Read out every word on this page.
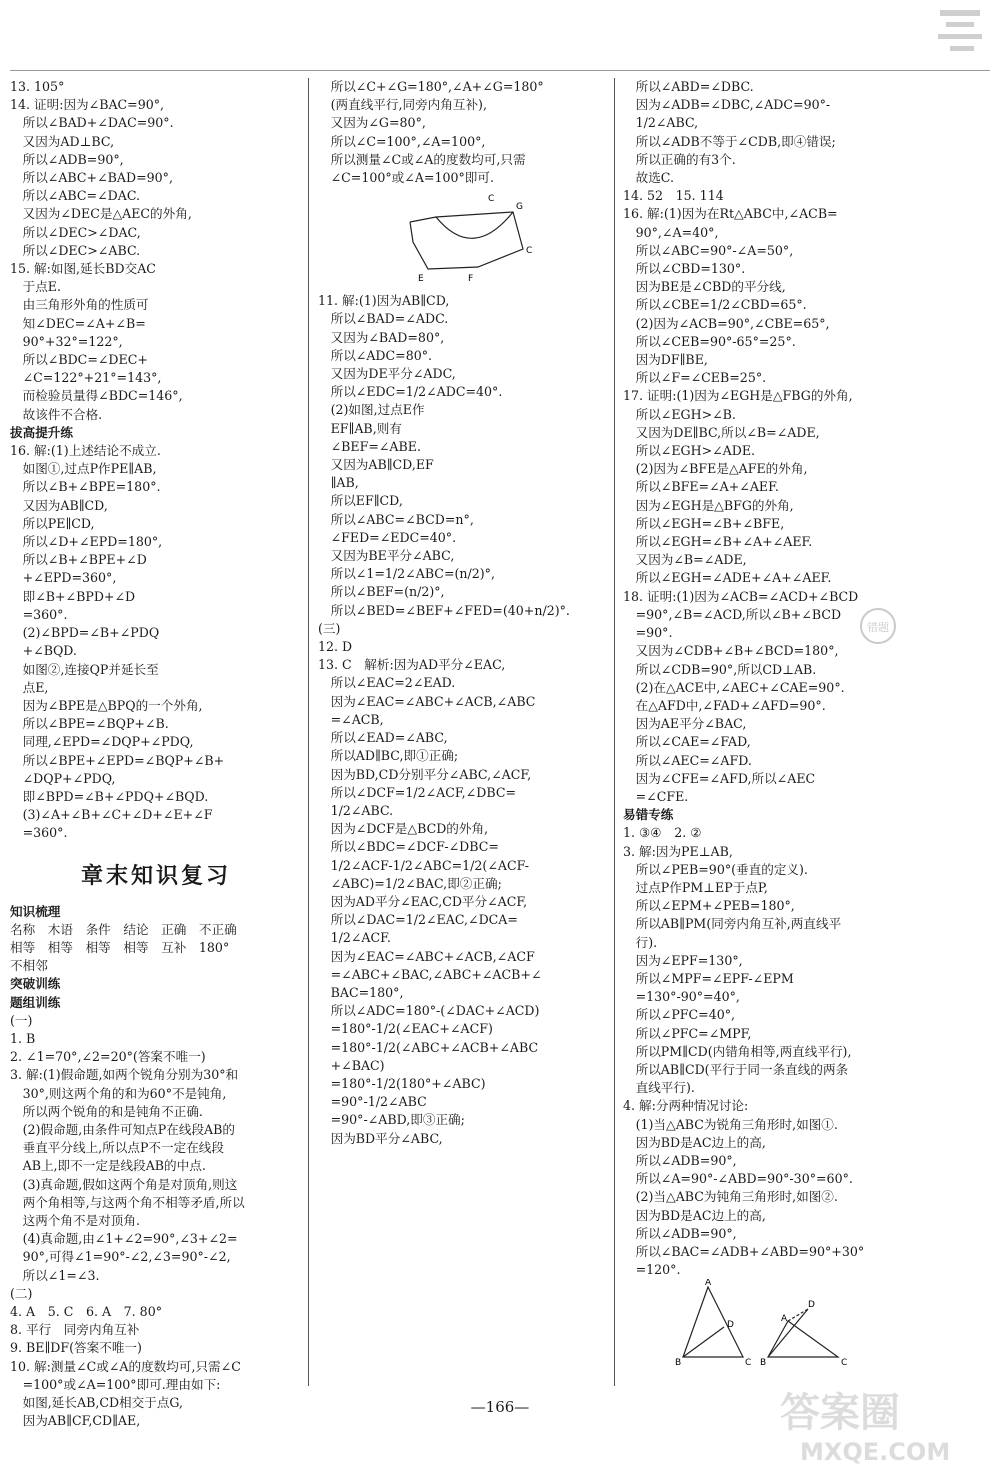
13. 105°
14. 证明:因为∠BAC=90°,
　所以∠BAD+∠DAC=90°.
　又因为AD⊥BC,
　所以∠ADB=90°,
　所以∠ABC+∠BAD=90°,
　所以∠ABC=∠DAC.
　又因为∠DEC是△AEC的外角,
　所以∠DEC>∠DAC,
　所以∠DEC>∠ABC.
15. 解:如图,延长BD交AC
　于点E.
　由三角形外角的性质可
　知∠DEC=∠A+∠B=
　90°+32°=122°,
　所以∠BDC=∠DEC+
　∠C=122°+21°=143°,
　而检验员量得∠BDC=146°,
　故该件不合格.
拔高提升练
16. 解:(1)上述结论不成立.
　如图①,过点P作PE∥AB,
　所以∠B+∠BPE=180°.
　又因为AB∥CD,
　所以PE∥CD,
　所以∠D+∠EPD=180°,
　所以∠B+∠BPE+∠D
　+∠EPD=360°,
　即∠B+∠BPD+∠D
　=360°.
　(2)∠BPD=∠B+∠PDQ
　+∠BQD.
　如图②,连接QP并延长至
　点E,
　因为∠BPE是△BPQ的一个外角,
　所以∠BPE=∠BQP+∠B.
　同理,∠EPD=∠DQP+∠PDQ,
　所以∠BPE+∠EPD=∠BQP+∠B+
　∠DQP+∠PDQ,
　即∠BPD=∠B+∠PDQ+∠BQD.
　(3)∠A+∠B+∠C+∠D+∠E+∠F
　=360°.
章末知识复习
知识梳理
名称　木语　条件　结论　正确　不正确
相等　相等　相等　相等　互补　180°
不相邻
突破训练
题组训练
(一)
1. B
2. ∠1=70°,∠2=20°(答案不唯一)
3. 解:(1)假命题,如两个锐角分别为30°和
　30°,则这两个角的和为60°不是钝角,
　所以两个锐角的和是钝角不正确.
　(2)假命题,由条件可知点P在线段AB的
　垂直平分线上,所以点P不一定在线段
　AB上,即不一定是线段AB的中点.
　(3)真命题,假如这两个角是对顶角,则这
　两个角相等,与这两个角不相等矛盾,所以
　这两个角不是对顶角.
　(4)真命题,由∠1+∠2=90°,∠3+∠2=
　90°,可得∠1=90°-∠2,∠3=90°-∠2,
　所以∠1=∠3.
(二)
4. A　5. C　6. A　7. 80°
8. 平行　同旁内角互补
9. BE∥DF(答案不唯一)
10. 解:测量∠C或∠A的度数均可,只需∠C
　=100°或∠A=100°即可.理由如下:
　如图,延长AB,CD相交于点G,
　因为AB∥CF,CD∥AE,
　所以∠C+∠G=180°,∠A+∠G=180°
　(两直线平行,同旁内角互补),
　又因为∠G=80°,
　所以∠C=100°,∠A=100°,
　所以测量∠C或∠A的度数均可,只需
　∠C=100°或∠A=100°即可.
C
G
C
E	F
11. 解:(1)因为AB∥CD,
　所以∠BAD=∠ADC.
　又因为∠BAD=80°,
　所以∠ADC=80°.
　又因为DE平分∠ADC,
　所以∠EDC=1/2∠ADC=40°.
　(2)如图,过点E作
　EF∥AB,则有
　∠BEF=∠ABE.
　又因为AB∥CD,EF
　∥AB,
　所以EF∥CD,
　所以∠ABC=∠BCD=n°,
　∠FED=∠EDC=40°.
　又因为BE平分∠ABC,
　所以∠1=1/2∠ABC=(n/2)°,
　所以∠BEF=(n/2)°,
　所以∠BED=∠BEF+∠FED=(40+n/2)°.
(三)
12. D
13. C　解析:因为AD平分∠EAC,
　所以∠EAC=2∠EAD.
　因为∠EAC=∠ABC+∠ACB,∠ABC
　=∠ACB,
　所以∠EAD=∠ABC,
　所以AD∥BC,即①正确;
　因为BD,CD分别平分∠ABC,∠ACF,
　所以∠DCF=1/2∠ACF,∠DBC=
　1/2∠ABC.
　因为∠DCF是△BCD的外角,
　所以∠BDC=∠DCF-∠DBC=
　1/2∠ACF-1/2∠ABC=1/2(∠ACF-
　∠ABC)=1/2∠BAC,即②正确;
　因为AD平分∠EAC,CD平分∠ACF,
　所以∠DAC=1/2∠EAC,∠DCA=
　1/2∠ACF.
　因为∠EAC=∠ABC+∠ACB,∠ACF
　=∠ABC+∠BAC,∠ABC+∠ACB+∠
　BAC=180°,
　所以∠ADC=180°-(∠DAC+∠ACD)
　=180°-1/2(∠EAC+∠ACF)
　=180°-1/2(∠ABC+∠ACB+∠ABC
　+∠BAC)
　=180°-1/2(180°+∠ABC)
　=90°-1/2∠ABC
　=90°-∠ABD,即③正确;
　因为BD平分∠ABC,
　所以∠ABD=∠DBC.
　因为∠ADB=∠DBC,∠ADC=90°-
　1/2∠ABC,
　所以∠ADB不等于∠CDB,即④错误;
　所以正确的有3个.
　故选C.
14. 52　15. 114
16. 解:(1)因为在Rt△ABC中,∠ACB=
　90°,∠A=40°,
　所以∠ABC=90°-∠A=50°,
　所以∠CBD=130°.
　因为BE是∠CBD的平分线,
　所以∠CBE=1/2∠CBD=65°.
　(2)因为∠ACB=90°,∠CBE=65°,
　所以∠CEB=90°-65°=25°.
　因为DF∥BE,
　所以∠F=∠CEB=25°.
17. 证明:(1)因为∠EGH是△FBG的外角,
　所以∠EGH>∠B.
　又因为DE∥BC,所以∠B=∠ADE,
　所以∠EGH>∠ADE.
　(2)因为∠BFE是△AFE的外角,
　所以∠BFE=∠A+∠AEF.
　因为∠EGH是△BFG的外角,
　所以∠EGH=∠B+∠BFE,
　所以∠EGH=∠B+∠A+∠AEF.
　又因为∠B=∠ADE,
　所以∠EGH=∠ADE+∠A+∠AEF.
18. 证明:(1)因为∠ACB=∠ACD+∠BCD
　=90°,∠B=∠ACD,所以∠B+∠BCD
　=90°.
　又因为∠CDB+∠B+∠BCD=180°,
　所以∠CDB=90°,所以CD⊥AB.
　(2)在△ACE中,∠AEC+∠CAE=90°.
　在△AFD中,∠FAD+∠AFD=90°.
　因为AE平分∠BAC,
　所以∠CAE=∠FAD,
　所以∠AEC=∠AFD.
　因为∠CFE=∠AFD,所以∠AEC
　=∠CFE.
易错专练
1. ③④　2. ②
3. 解:因为PE⊥AB,
　所以∠PEB=90°(垂直的定义).
　过点P作PM⊥EP于点P,
　所以∠EPM+∠PEB=180°,
　所以AB∥PM(同旁内角互补,两直线平
　行).
　因为∠EPF=130°,
　所以∠MPF=∠EPF-∠EPM
　=130°-90°=40°,
　所以∠PFC=40°,
　所以∠PFC=∠MPF,
　所以PM∥CD(内错角相等,两直线平行),
　所以AB∥CD(平行于同一条直线的两条
　直线平行).
4. 解:分两种情况讨论:
　(1)当△ABC为锐角三角形时,如图①.
　因为BD是AC边上的高,
　所以∠ADB=90°,
　所以∠A=90°-∠ABD=90°-30°=60°.
　(2)当△ABC为钝角三角形时,如图②.
　因为BD是AC边上的高,
　所以∠ADB=90°,
　所以∠BAC=∠ADB+∠ABD=90°+30°
　=120°.
A
D
B	C
D
A
B	C
—166—
错题
答案圈
MXQE.COM
